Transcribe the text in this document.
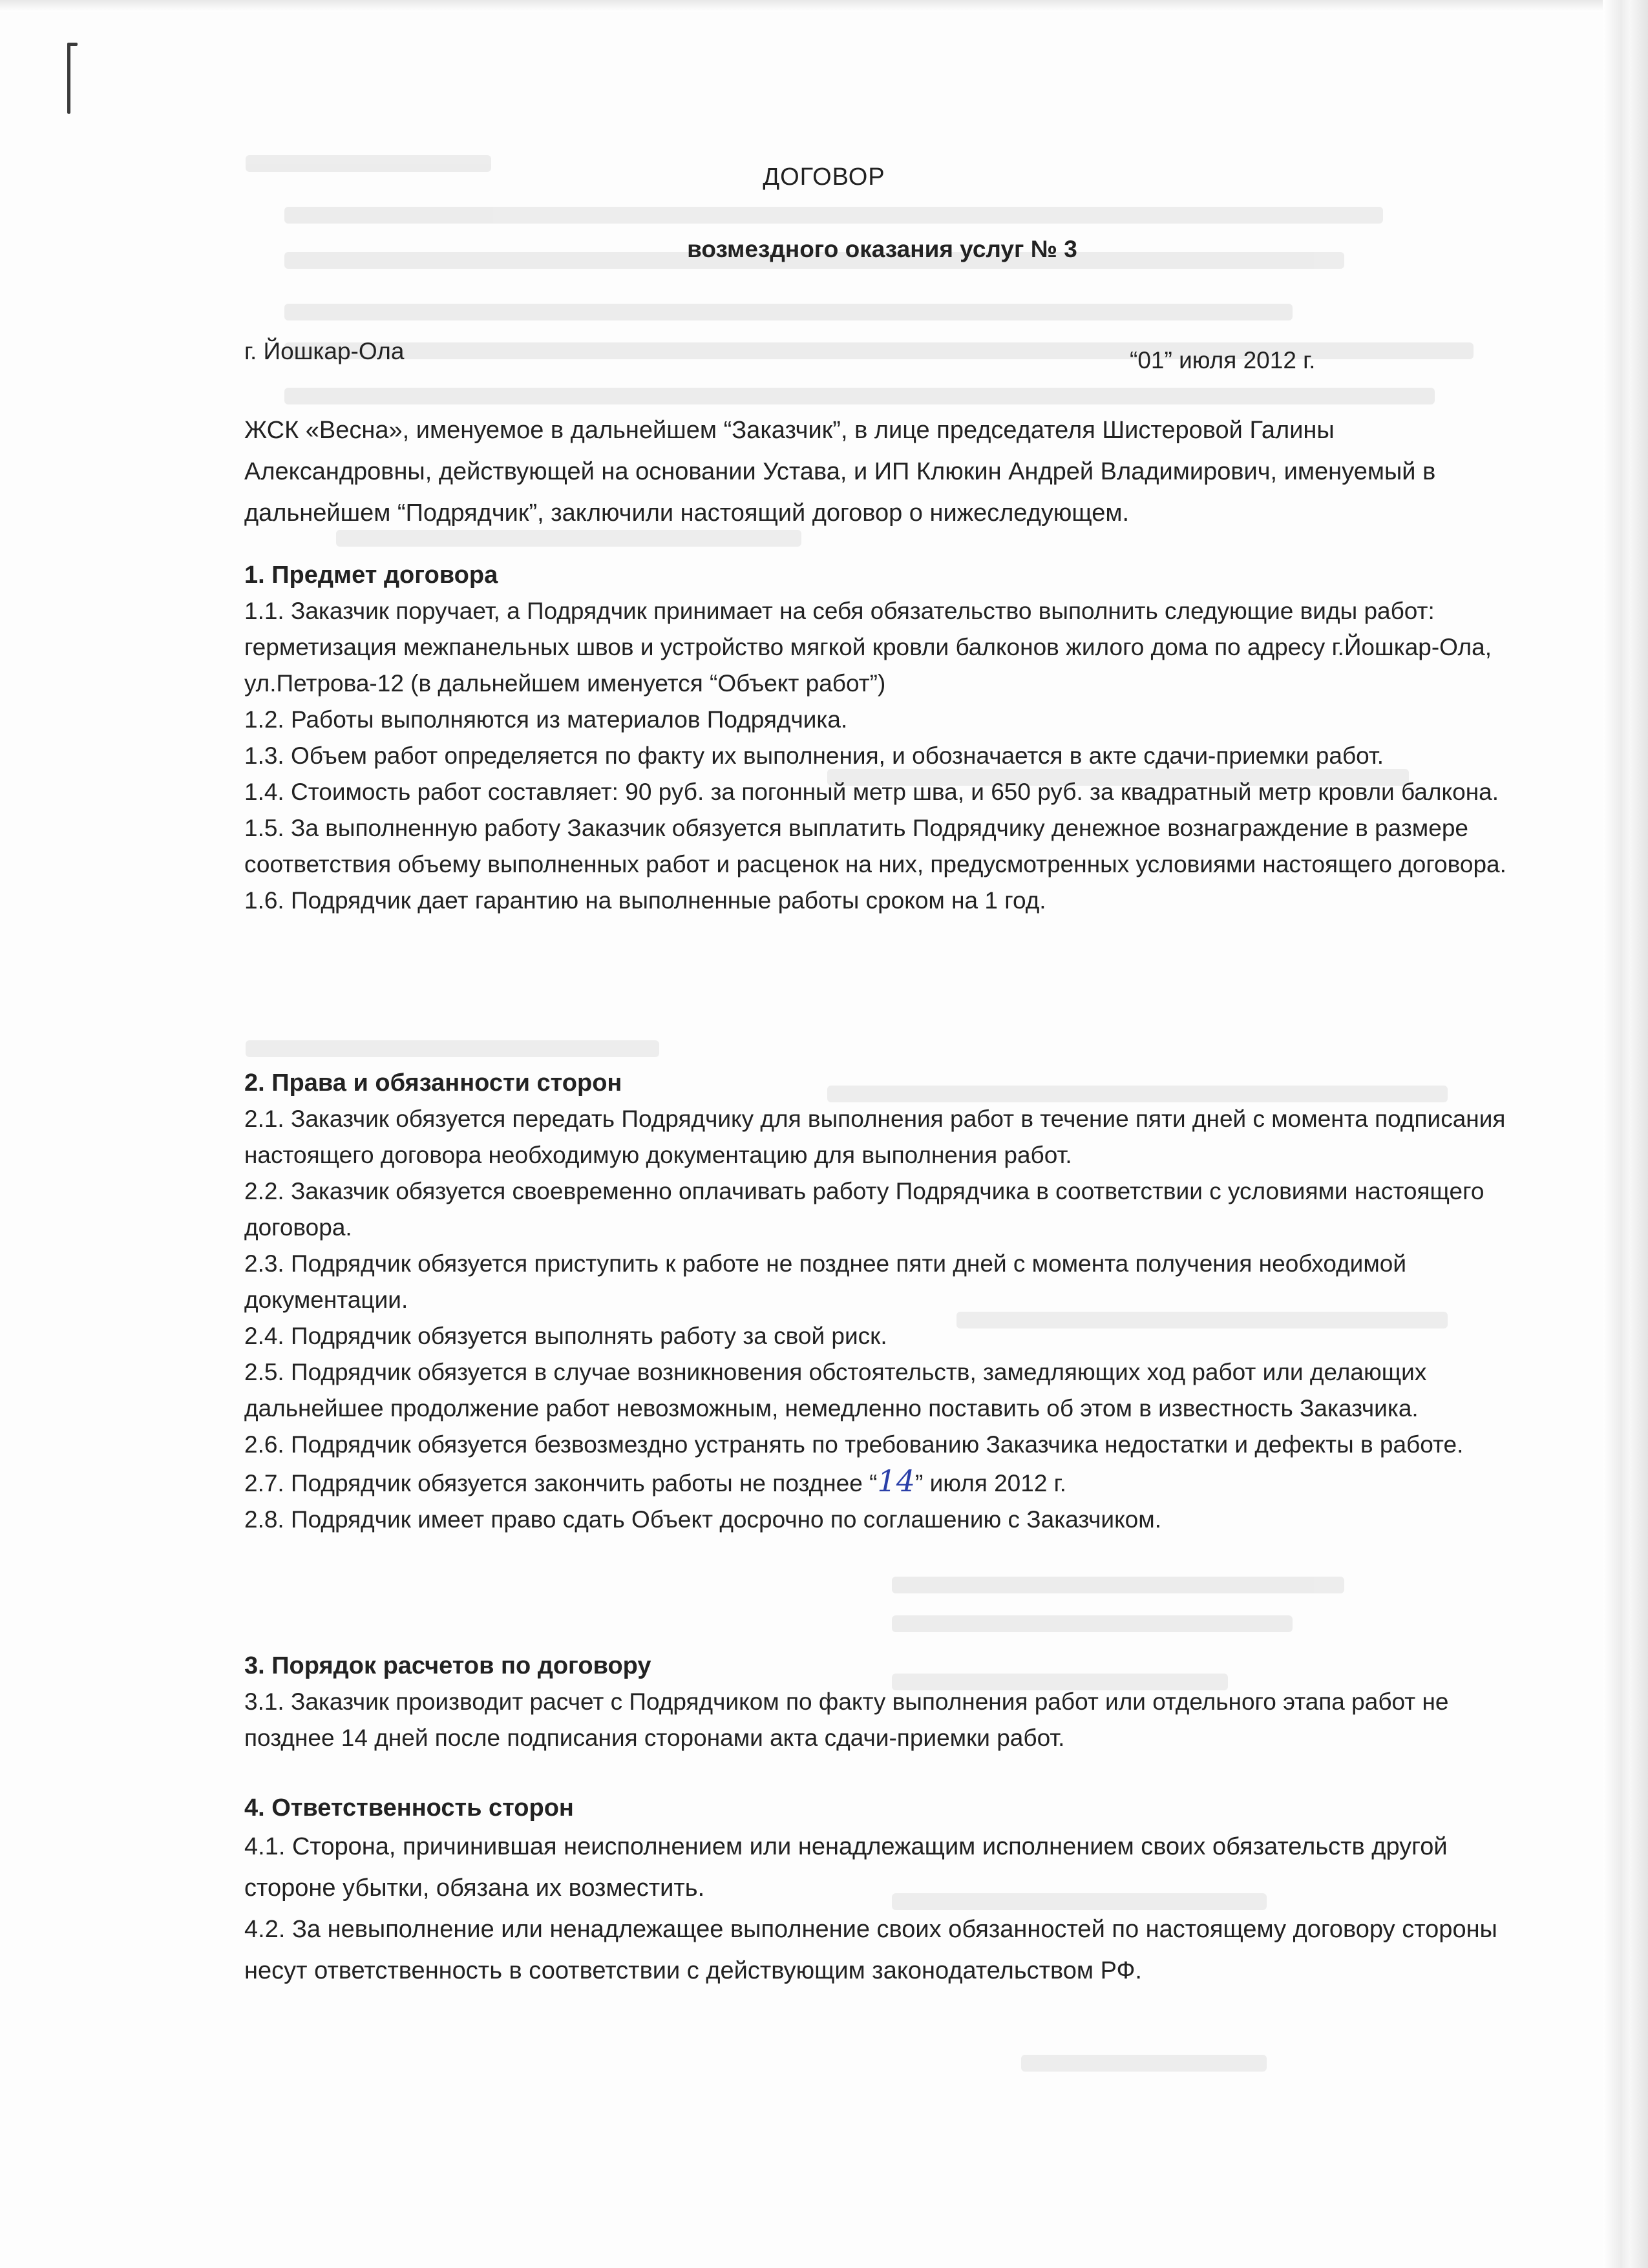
ДОГОВОР
возмездного оказания услуг № 3
г. Йошкар-Ола	“01” июля 2012 г.
ЖСК «Весна», именуемое в дальнейшем “Заказчик”, в лице председателя Шистеровой Галины Александровны, действующей на основании Устава, и ИП Клюкин Андрей Владимирович, именуемый в дальнейшем “Подрядчик”, заключили настоящий договор о нижеследующем.
1. Предмет договора

1.1. Заказчик поручает, а Подрядчик принимает на себя обязательство выполнить следующие виды работ: герметизация межпанельных швов и устройство мягкой кровли балконов жилого дома по адресу г.Йошкар-Ола, ул.Петрова-12 (в дальнейшем именуется “Объект работ”)

1.2. Работы выполняются из материалов Подрядчика.

1.3. Объем работ определяется по факту их выполнения, и обозначается в акте сдачи-приемки работ.

1.4. Стоимость работ составляет: 90 руб. за погонный метр шва, и 650 руб. за квадратный метр кровли балкона.

1.5. За выполненную работу Заказчик обязуется выплатить Подрядчику денежное вознаграждение в размере соответствия объему выполненных работ и расценок на них, предусмотренных условиями настоящего договора.

1.6. Подрядчик дает гарантию на выполненные работы сроком на 1 год.

2. Права и обязанности сторон

2.1. Заказчик обязуется передать Подрядчику для выполнения работ в течение пяти дней с момента подписания настоящего договора необходимую документацию для выполнения работ.

2.2. Заказчик обязуется своевременно оплачивать работу Подрядчика в соответствии с условиями настоящего договора.

2.3. Подрядчик обязуется приступить к работе не позднее пяти дней с момента получения необходимой документации.

2.4. Подрядчик обязуется выполнять работу за свой риск.

2.5. Подрядчик обязуется в случае возникновения обстоятельств, замедляющих ход работ или делающих дальнейшее продолжение работ невозможным, немедленно поставить об этом в известность Заказчика.

2.6. Подрядчик обязуется безвозмездно устранять по требованию Заказчика недостатки и дефекты в работе.

2.7. Подрядчик обязуется закончить работы не позднее “14” июля 2012 г.

2.8. Подрядчик имеет право сдать Объект досрочно по соглашению с Заказчиком.

3. Порядок расчетов по договору

3.1. Заказчик производит расчет с Подрядчиком по факту выполнения работ или отдельного этапа работ не позднее 14 дней после подписания сторонами акта сдачи-приемки работ.

4. Ответственность сторон

4.1. Сторона, причинившая неисполнением или ненадлежащим исполнением своих обязательств другой стороне убытки, обязана их возместить.

4.2. За невыполнение или ненадлежащее выполнение своих обязанностей по настоящему договору стороны несут ответственность в соответствии с действующим законодательством РФ.
